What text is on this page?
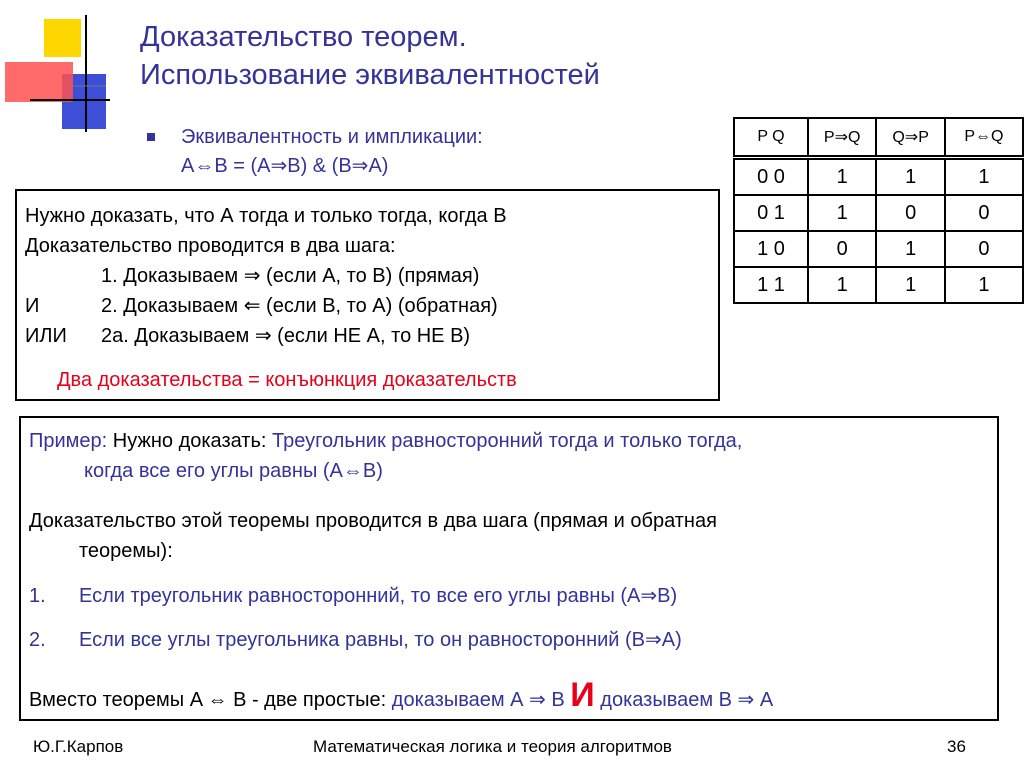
Доказательство теорем.
Использование эквивалентностей
Эквивалентность и импликации:
A⇔B = (A⇒B) & (B⇒A)
P Q	P⇒Q	Q⇒P	P⇔Q
0 0	1	1	1
0 1	1	0	0
1 0	0	1	0
1 1	1	1	1
Нужно доказать, что А тогда и только тогда, когда В
Доказательство проводится в два шага:
1. Доказываем ⇒ (если А, то В) (прямая)
И	2. Доказываем ⇐ (если В, то А) (обратная)
ИЛИ 2а. Доказываем ⇒ (если НЕ А, то НЕ В)
Два доказательства = конъюнкция доказательств
Пример: Нужно доказать: Треугольник равносторонний тогда и только тогда,
когда все его углы равны (A⇔B)
Доказательство этой теоремы проводится в два шага (прямая и обратная
теоремы):
1. Если треугольник равносторонний, то все его углы равны (A⇒B)
2. Если все углы треугольника равны, то он равносторонний (B⇒A)
Вместо теоремы A ⇔ B - две простые: доказываем А ⇒ В И доказываем В ⇒ А
Ю.Г.Карпов	Математическая логика и теория алгоритмов	36
